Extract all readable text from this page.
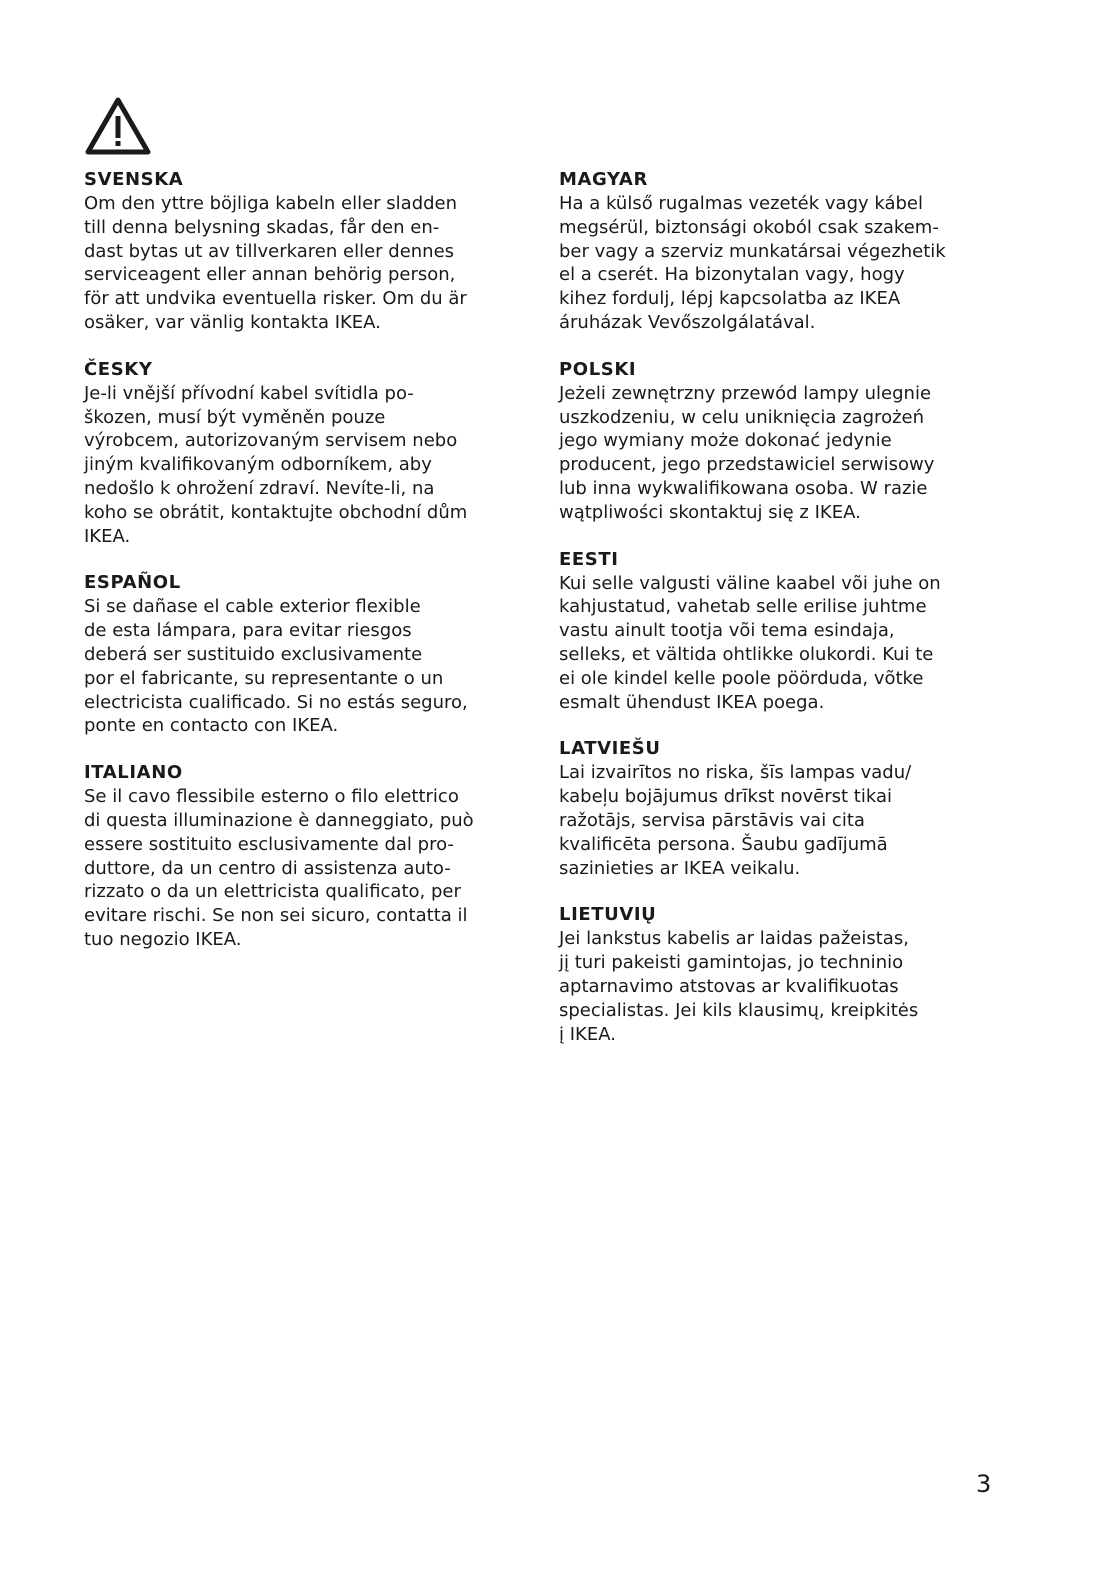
SVENSKA

Om den yttre böjliga kabeln eller sladden
till denna belysning skadas, får den en-
dast bytas ut av tillverkaren eller dennes
serviceagent eller annan behörig person,
för att undvika eventuella risker. Om du är
osäker, var vänlig kontakta IKEA.

ČESKY

Je-li vnější přívodní kabel svítidla po-
škozen, musí být vyměněn pouze
výrobcem, autorizovaným servisem nebo
jiným kvalifikovaným odborníkem, aby
nedošlo k ohrožení zdraví. Nevíte-li, na
koho se obrátit, kontaktujte obchodní dům
IKEA.

ESPAÑOL

Si se dañase el cable exterior flexible
de esta lámpara, para evitar riesgos
deberá ser sustituido exclusivamente
por el fabricante, su representante o un
electricista cualificado. Si no estás seguro,
ponte en contacto con IKEA.

ITALIANO

Se il cavo flessibile esterno o filo elettrico
di questa illuminazione è danneggiato, può
essere sostituito esclusivamente dal pro-
duttore, da un centro di assistenza auto-
rizzato o da un elettricista qualificato, per
evitare rischi. Se non sei sicuro, contatta il
tuo negozio IKEA.

MAGYAR

Ha a külső rugalmas vezeték vagy kábel
megsérül, biztonsági okoból csak szakem-
ber vagy a szerviz munkatársai végezhetik
el a cserét. Ha bizonytalan vagy, hogy
kihez fordulj, lépj kapcsolatba az IKEA
áruházak Vevőszolgálatával.

POLSKI

Jeżeli zewnętrzny przewód lampy ulegnie
uszkodzeniu, w celu uniknięcia zagrożeń
jego wymiany może dokonać jedynie
producent, jego przedstawiciel serwisowy
lub inna wykwalifikowana osoba. W razie
wątpliwości skontaktuj się z IKEA.

EESTI

Kui selle valgusti väline kaabel või juhe on
kahjustatud, vahetab selle erilise juhtme
vastu ainult tootja või tema esindaja,
selleks, et vältida ohtlikke olukordi. Kui te
ei ole kindel kelle poole pöörduda, võtke
esmalt ühendust IKEA poega.

LATVIEŠU

Lai izvairītos no riska, šīs lampas vadu/
kabeļu bojājumus drīkst novērst tikai
ražotājs, servisa pārstāvis vai cita
kvalificēta persona. Šaubu gadījumā
sazinieties ar IKEA veikalu.

LIETUVIŲ

Jei lankstus kabelis ar laidas pažeistas,
jį turi pakeisti gamintojas, jo techninio
aptarnavimo atstovas ar kvalifikuotas
specialistas. Jei kils klausimų, kreipkitės
į IKEA.

3
